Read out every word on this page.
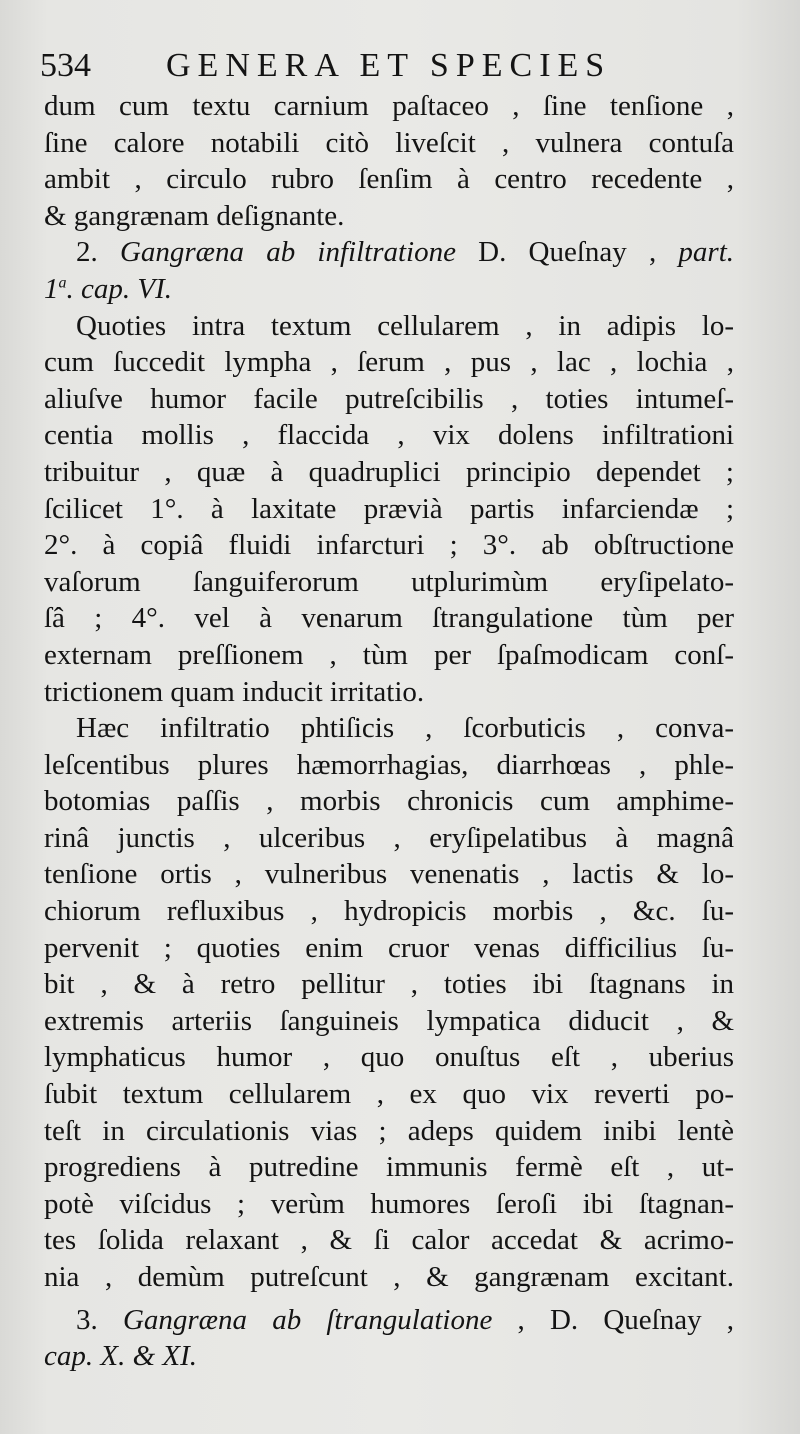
534 GENERA ET SPECIES
dum cum textu carnium paſtaceo , ſine tenſione ,
ſine calore notabili citò liveſcit , vulnera contuſa
ambit , circulo rubro ſenſim à centro recedente ,
& gangrænam deſignante.
2. Gangræna ab infiltratione D. Queſnay , part.
1$^a$. cap. VI.
Quoties intra textum cellularem , in adipis lo-
cum ſuccedit lympha , ſerum , pus , lac , lochia ,
aliuſve humor facile putreſcibilis , toties intumeſ-
centia mollis , flaccida , vix dolens infiltrationi
tribuitur , quæ à quadruplici principio dependet ;
ſcilicet 1°. à laxitate prævià partis infarciendæ ;
2°. à copiâ fluidi infarcturi ; 3°. ab obſtructione
vaſorum ſanguiferorum utplurimùm eryſipelato-
ſâ ; 4°. vel à venarum ſtrangulatione tùm per
externam preſſionem , tùm per ſpaſmodicam conſ-
trictionem quam inducit irritatio.
Hæc infiltratio phtiſicis , ſcorbuticis , conva-
leſcentibus plures hæmorrhagias, diarrhœas , phle-
botomias paſſis , morbis chronicis cum amphime-
rinâ junctis , ulceribus , eryſipelatibus à magnâ
tenſione ortis , vulneribus venenatis , lactis & lo-
chiorum refluxibus , hydropicis morbis , &c. ſu-
pervenit ; quoties enim cruor venas difficilius ſu-
bit , & à retro pellitur , toties ibi ſtagnans in
extremis arteriis ſanguineis lympatica diducit , &
lymphaticus humor , quo onuſtus eſt , uberius
ſubit textum cellularem , ex quo vix reverti po-
teſt in circulationis vias ; adeps quidem inibi lentè
progrediens à putredine immunis fermè eſt , ut-
potè viſcidus ; verùm humores ſeroſi ibi ſtagnan-
tes ſolida relaxant , & ſi calor accedat & acrimo-
nia , demùm putreſcunt , & gangrænam excitant.
3. Gangræna ab ſtrangulatione , D. Queſnay ,
cap. X. & XI.
